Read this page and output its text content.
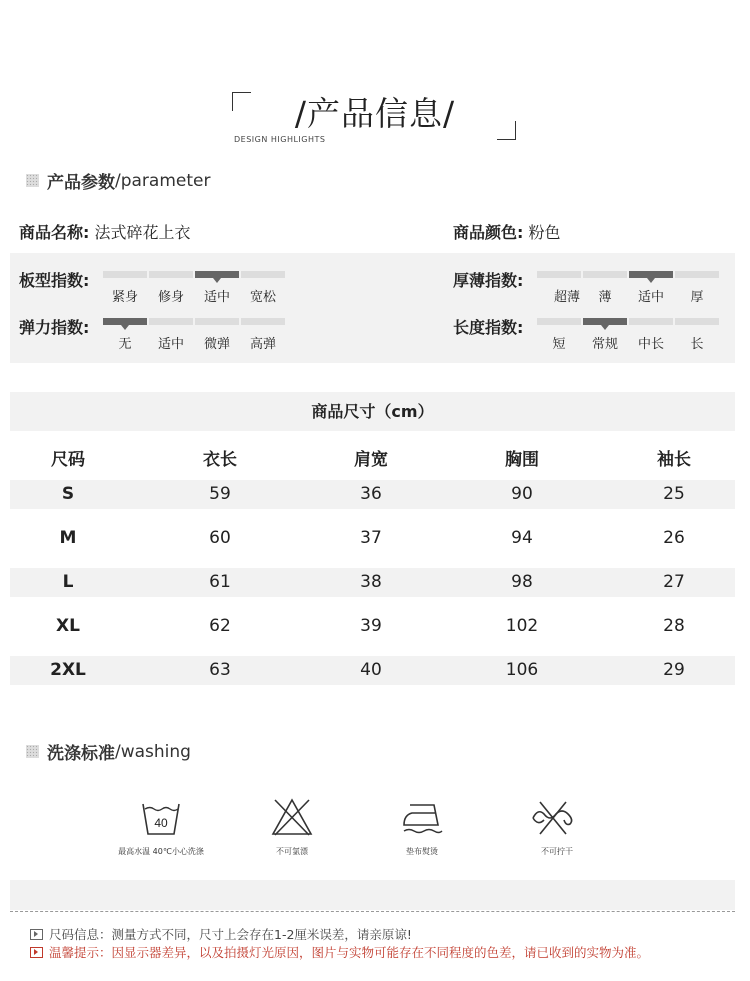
/产品信息/
DESIGN HIGHLIGHTS
产品参数 /parameter
商品名称: 法式碎花上衣	商品颜色: 粉色
板型指数:
紧身	修身	适中	宽松
厚薄指数:
超薄	薄	适中	厚
弹力指数:
无	适中	微弹	高弹
长度指数:
短	常规	中长	长
商品尺寸（cm）
尺码	衣长	肩宽	胸围	袖长
S	59	36	90	25
M	60	37	94	26
L	61	38	98	27
XL	62	39	102	28
2XL	63	40	106	29
洗涤标准 /washing
40
最高水温 40℃小心洗涤	不可氯漂	垫布熨烫	不可拧干
尺码信息：测量方式不同，尺寸上会存在1-2厘米误差，请亲原谅!
温馨提示：因显示器差异，以及拍摄灯光原因，图片与实物可能存在不同程度的色差，请已收到的实物为准。
